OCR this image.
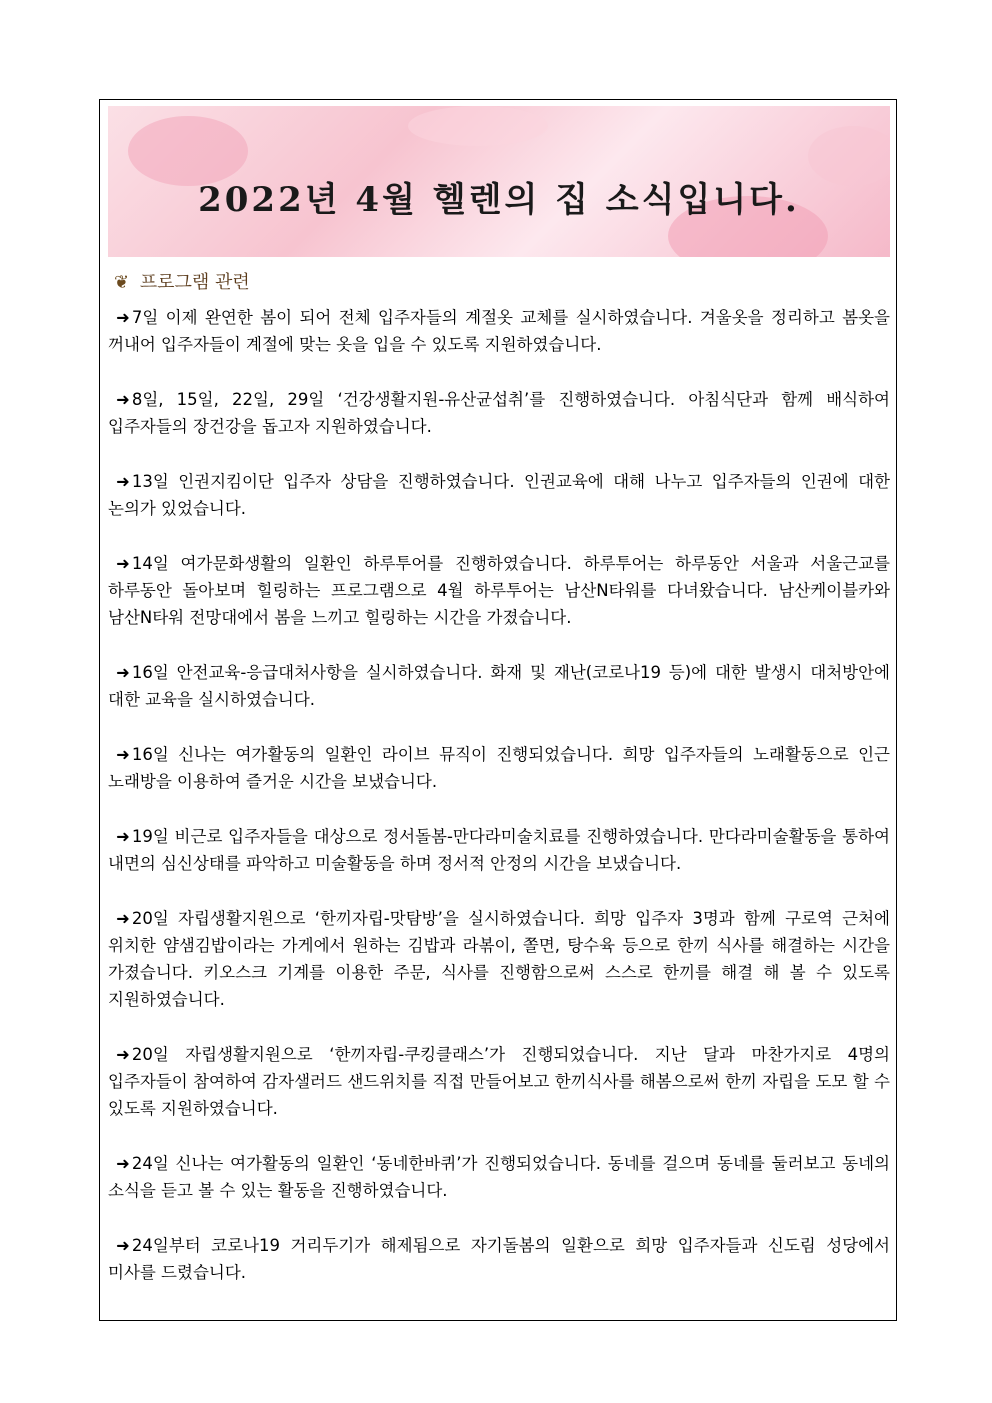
2022년 4월 헬렌의 집 소식입니다.
❦ 프로그램 관련

➜ 7일 이제 완연한 봄이 되어 전체 입주자들의 계절옷 교체를 실시하였습니다. 겨울옷을 정리하고 봄옷을 꺼내어 입주자들이 계절에 맞는 옷을 입을 수 있도록 지원하였습니다.

➜ 8일, 15일, 22일, 29일 ‘건강생활지원-유산균섭취’를 진행하였습니다. 아침식단과 함께 배식하여 입주자들의 장건강을 돕고자 지원하였습니다.

➜ 13일 인권지킴이단 입주자 상담을 진행하였습니다. 인권교육에 대해 나누고 입주자들의 인권에 대한 논의가 있었습니다.

➜ 14일 여가문화생활의 일환인 하루투어를 진행하였습니다. 하루투어는 하루동안 서울과 서울근교를 하루동안 돌아보며 힐링하는 프로그램으로 4월 하루투어는 남산N타워를 다녀왔습니다. 남산케이블카와 남산N타워 전망대에서 봄을 느끼고 힐링하는 시간을 가졌습니다.

➜ 16일 안전교육-응급대처사항을 실시하였습니다. 화재 및 재난(코로나19 등)에 대한 발생시 대처방안에 대한 교육을 실시하였습니다.

➜ 16일 신나는 여가활동의 일환인 라이브 뮤직이 진행되었습니다. 희망 입주자들의 노래활동으로 인근 노래방을 이용하여 즐거운 시간을 보냈습니다.

➜ 19일 비근로 입주자들을 대상으로 정서돌봄-만다라미술치료를 진행하였습니다. 만다라미술활동을 통하여 내면의 심신상태를 파악하고 미술활동을 하며 정서적 안정의 시간을 보냈습니다.

➜ 20일 자립생활지원으로 ‘한끼자립-맛탐방’을 실시하였습니다. 희망 입주자 3명과 함께 구로역 근처에 위치한 얌샘김밥이라는 가게에서 원하는 김밥과 라볶이, 쫄면, 탕수육 등으로 한끼 식사를 해결하는 시간을 가졌습니다. 키오스크 기계를 이용한 주문, 식사를 진행함으로써 스스로 한끼를 해결 해 볼 수 있도록 지원하였습니다.

➜ 20일 자립생활지원으로 ‘한끼자립-쿠킹클래스’가 진행되었습니다. 지난 달과 마찬가지로 4명의 입주자들이 참여하여 감자샐러드 샌드위치를 직접 만들어보고 한끼식사를 해봄으로써 한끼 자립을 도모 할 수 있도록 지원하였습니다.

➜ 24일 신나는 여가활동의 일환인 ‘동네한바퀴’가 진행되었습니다. 동네를 걸으며 동네를 둘러보고 동네의 소식을 듣고 볼 수 있는 활동을 진행하였습니다.

➜ 24일부터 코로나19 거리두기가 해제됨으로 자기돌봄의 일환으로 희망 입주자들과 신도림 성당에서 미사를 드렸습니다.
